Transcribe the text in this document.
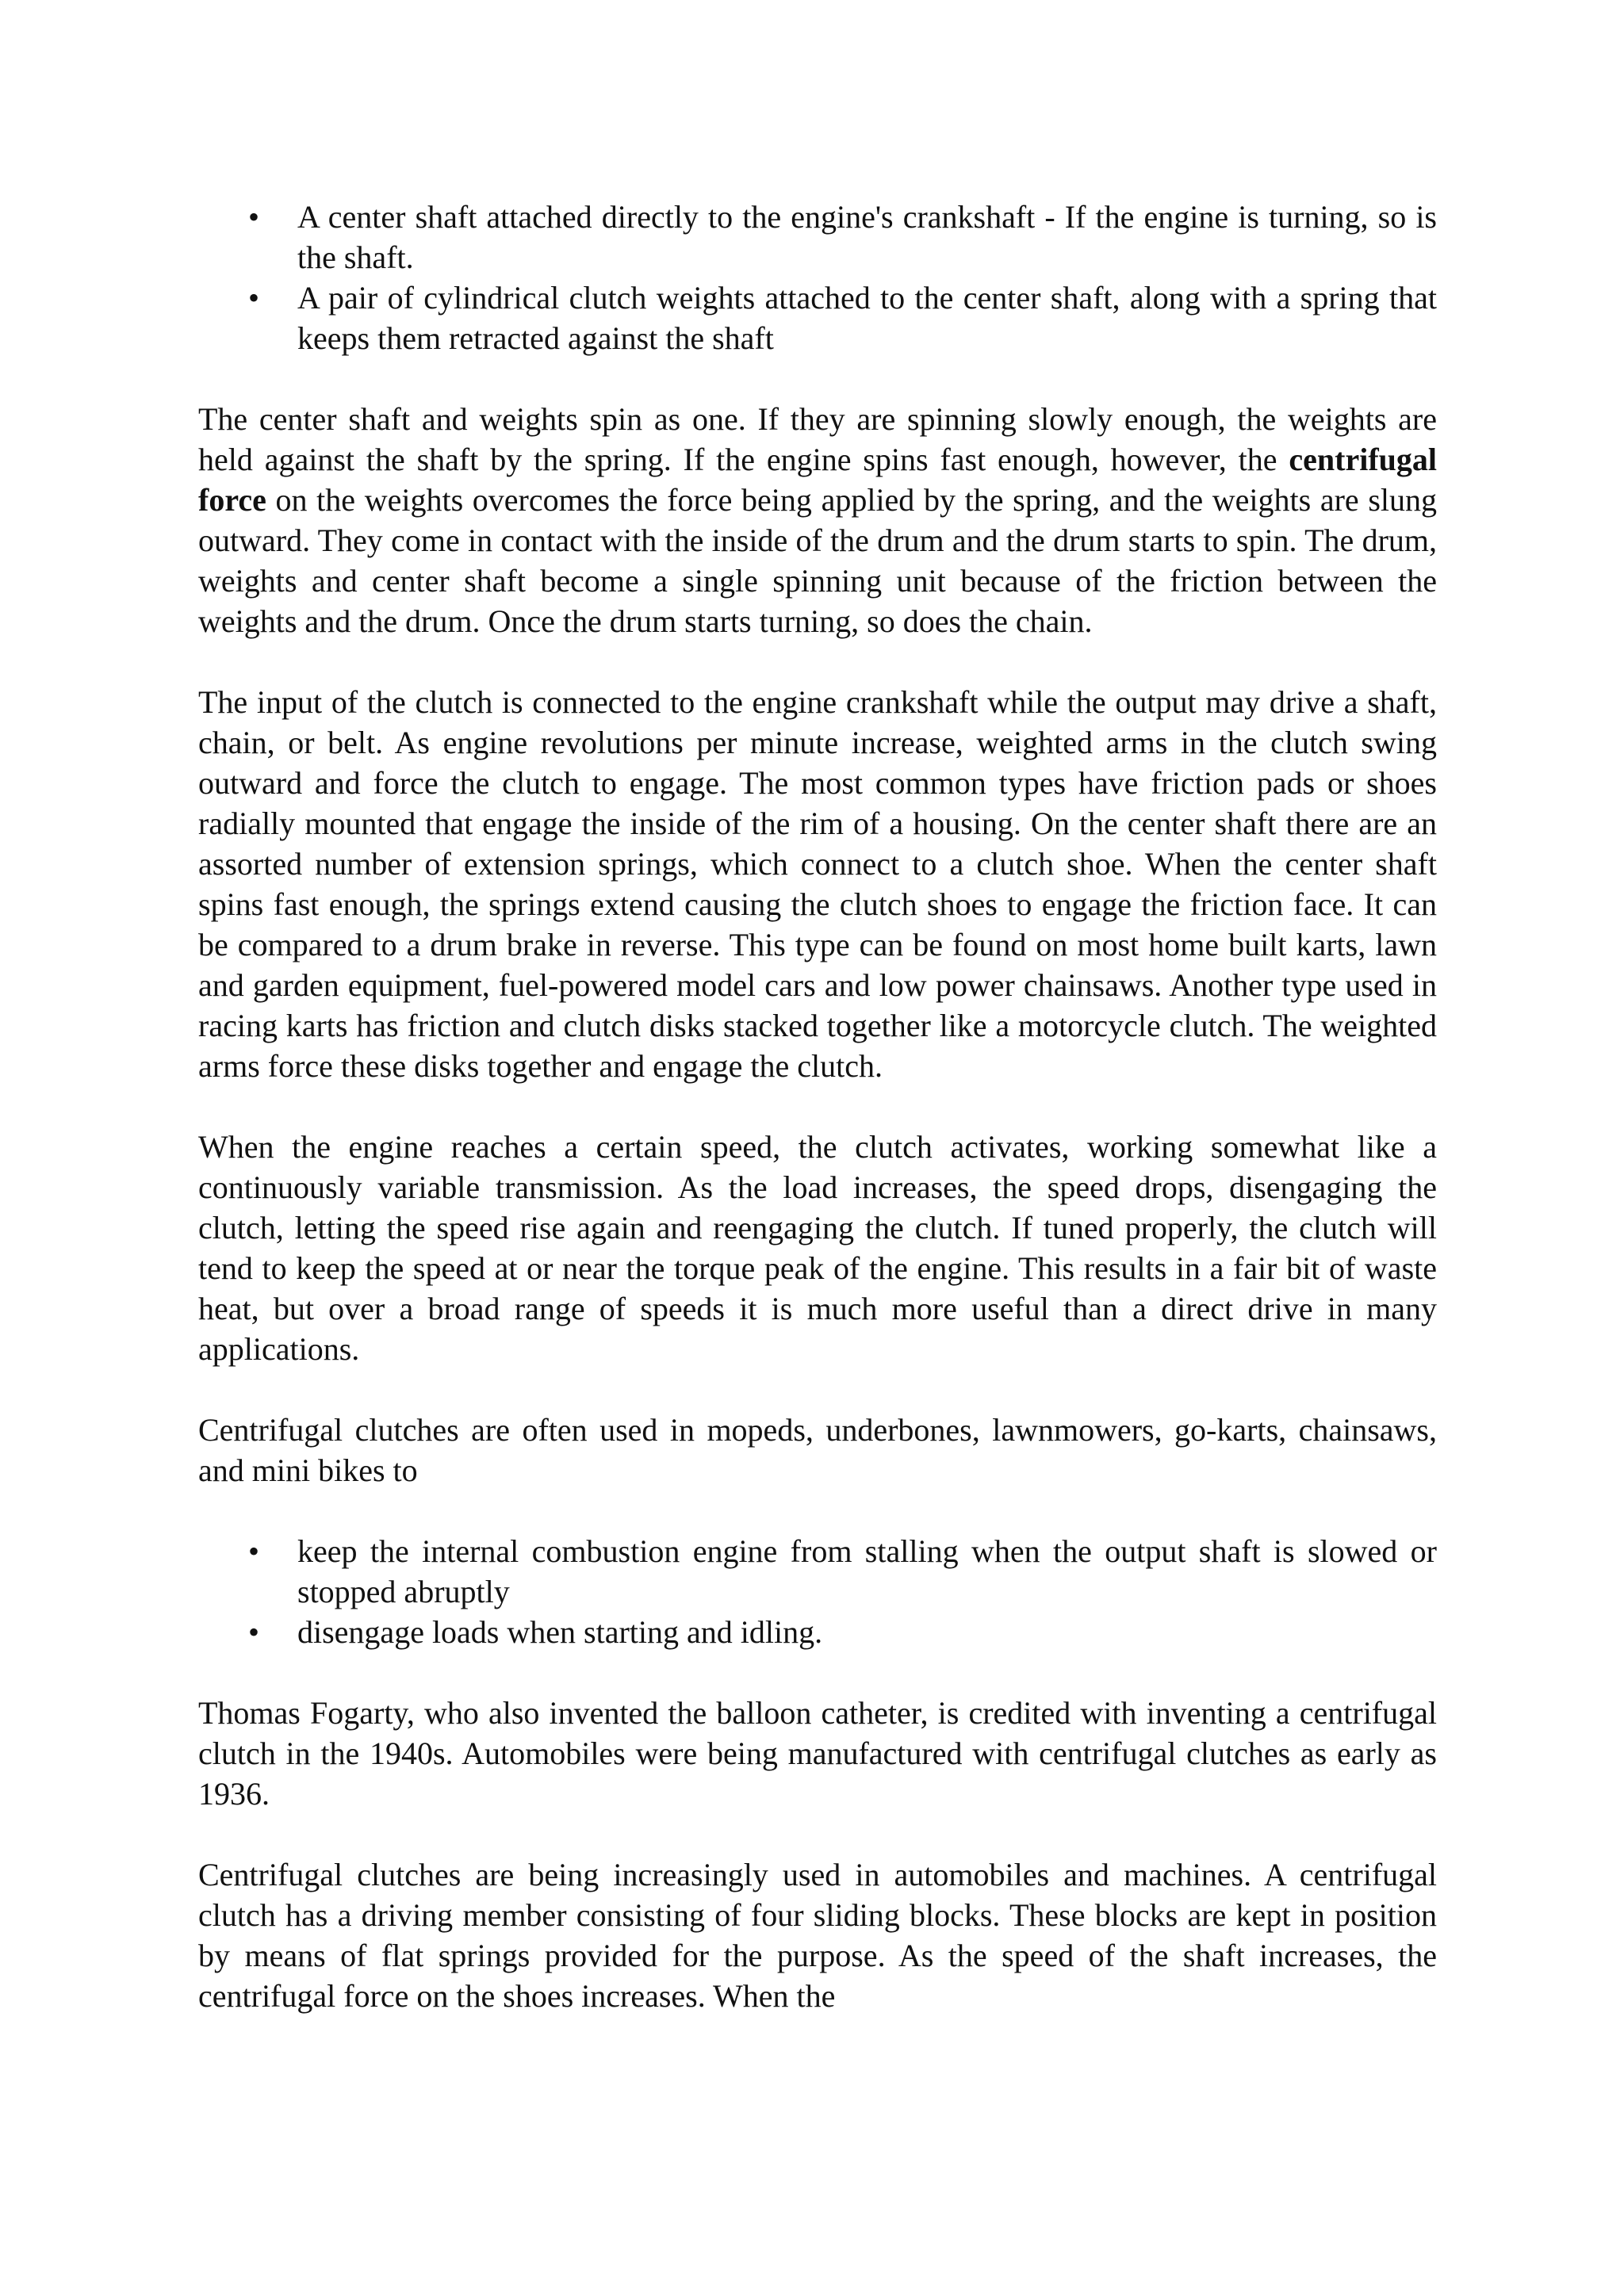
• A center shaft attached directly to the engine's crankshaft - If the engine is turning, so is the shaft.
• A pair of cylindrical clutch weights attached to the center shaft, along with a spring that keeps them retracted against the shaft

The center shaft and weights spin as one. If they are spinning slowly enough, the weights are held against the shaft by the spring. If the engine spins fast enough, however, the centrifugal force on the weights overcomes the force being applied by the spring, and the weights are slung outward. They come in contact with the inside of the drum and the drum starts to spin. The drum, weights and center shaft become a single spinning unit because of the friction between the weights and the drum. Once the drum starts turning, so does the chain.

The input of the clutch is connected to the engine crankshaft while the output may drive a shaft, chain, or belt. As engine revolutions per minute increase, weighted arms in the clutch swing outward and force the clutch to engage. The most common types have friction pads or shoes radially mounted that engage the inside of the rim of a housing. On the center shaft there are an assorted number of extension springs, which connect to a clutch shoe. When the center shaft spins fast enough, the springs extend causing the clutch shoes to engage the friction face. It can be compared to a drum brake in reverse. This type can be found on most home built karts, lawn and garden equipment, fuel-powered model cars and low power chainsaws. Another type used in racing karts has friction and clutch disks stacked together like a motorcycle clutch. The weighted arms force these disks together and engage the clutch.

When the engine reaches a certain speed, the clutch activates, working somewhat like a continuously variable transmission. As the load increases, the speed drops, disengaging the clutch, letting the speed rise again and reengaging the clutch. If tuned properly, the clutch will tend to keep the speed at or near the torque peak of the engine. This results in a fair bit of waste heat, but over a broad range of speeds it is much more useful than a direct drive in many applications.

Centrifugal clutches are often used in mopeds, underbones, lawnmowers, go-karts, chainsaws, and mini bikes to

• keep the internal combustion engine from stalling when the output shaft is slowed or stopped abruptly
• disengage loads when starting and idling.

Thomas Fogarty, who also invented the balloon catheter, is credited with inventing a centrifugal clutch in the 1940s. Automobiles were being manufactured with centrifugal clutches as early as 1936.

Centrifugal clutches are being increasingly used in automobiles and machines. A centrifugal clutch has a driving member consisting of four sliding blocks. These blocks are kept in position by means of flat springs provided for the purpose. As the speed of the shaft increases, the centrifugal force on the shoes increases. When the
